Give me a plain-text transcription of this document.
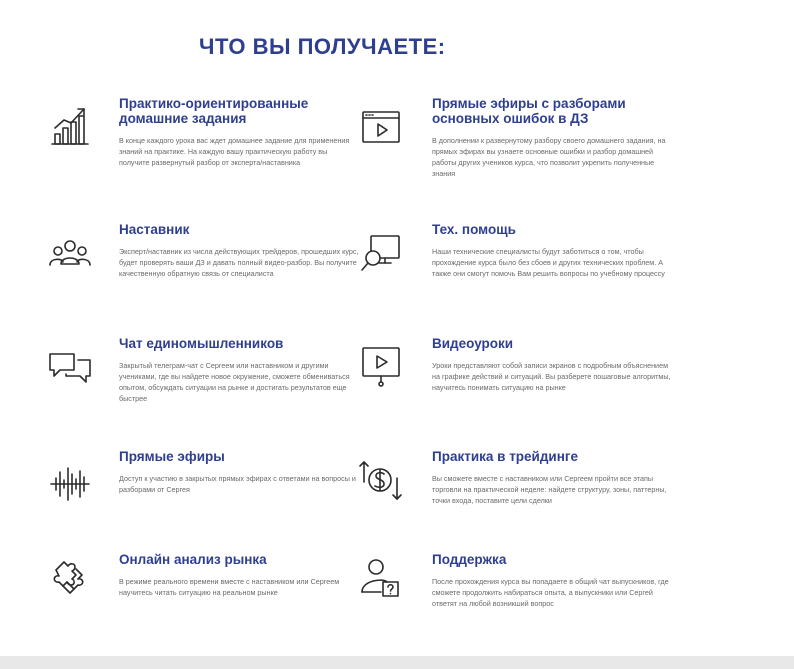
ЧТО ВЫ ПОЛУЧАЕТЕ:
Практико-ориентированные домашние задания

В конце каждого урока вас ждет домашнее задание для применения знаний на практике. На каждую вашу практическую работу вы получите развернутый разбор от эксперта/наставника

Прямые эфиры с разборами основных ошибок в ДЗ

В дополнении к развернутому разбору своего домашнего задания, на прямых эфирах вы узнаете основные ошибки и разбор домашней работы других учеников курса, что позволит укрепить полученные знания

Наставник

Эксперт/наставник из числа действующих трейдеров, прошедших курс, будет проверять ваши ДЗ и давать полный видео-разбор. Вы получите качественную обратную связь от специалиста

Тех. помощь

Наши технические специалисты будут заботиться о том, чтобы прохождение курса было без сбоев и других технических проблем. А также они смогут помочь Вам решить вопросы по учебному процессу

Чат единомышленников

Закрытый телеграм-чат с Сергеем или наставником и другими учениками, где вы найдете новое окружение, сможете обмениваться опытом, обсуждать ситуации на рынке и достигать результатов еще быстрее

Видеоуроки

Уроки представляют собой записи экранов с подробным объяснением на графике действий и ситуаций. Вы разберете пошаговые алгоритмы, научитесь понимать ситуацию на рынке

Прямые эфиры

Доступ к участию в закрытых прямых эфирах с ответами на вопросы и разборами от Сергея

Практика в трейдинге

Вы сможете вместе с наставником или Сергеем пройти все этапы торговли на практической неделе: найдете структуру, зоны, паттерны, точки входа, поставите цели сделки

Онлайн анализ рынка

В режиме реального времени вместе с наставником или Сергеем научитесь читать ситуацию на реальном рынке

Поддержка

После прохождения курса вы попадаете в общий чат выпускников, где сможете продолжить набираться опыта, а выпускники или Сергей ответят на любой возникший вопрос
